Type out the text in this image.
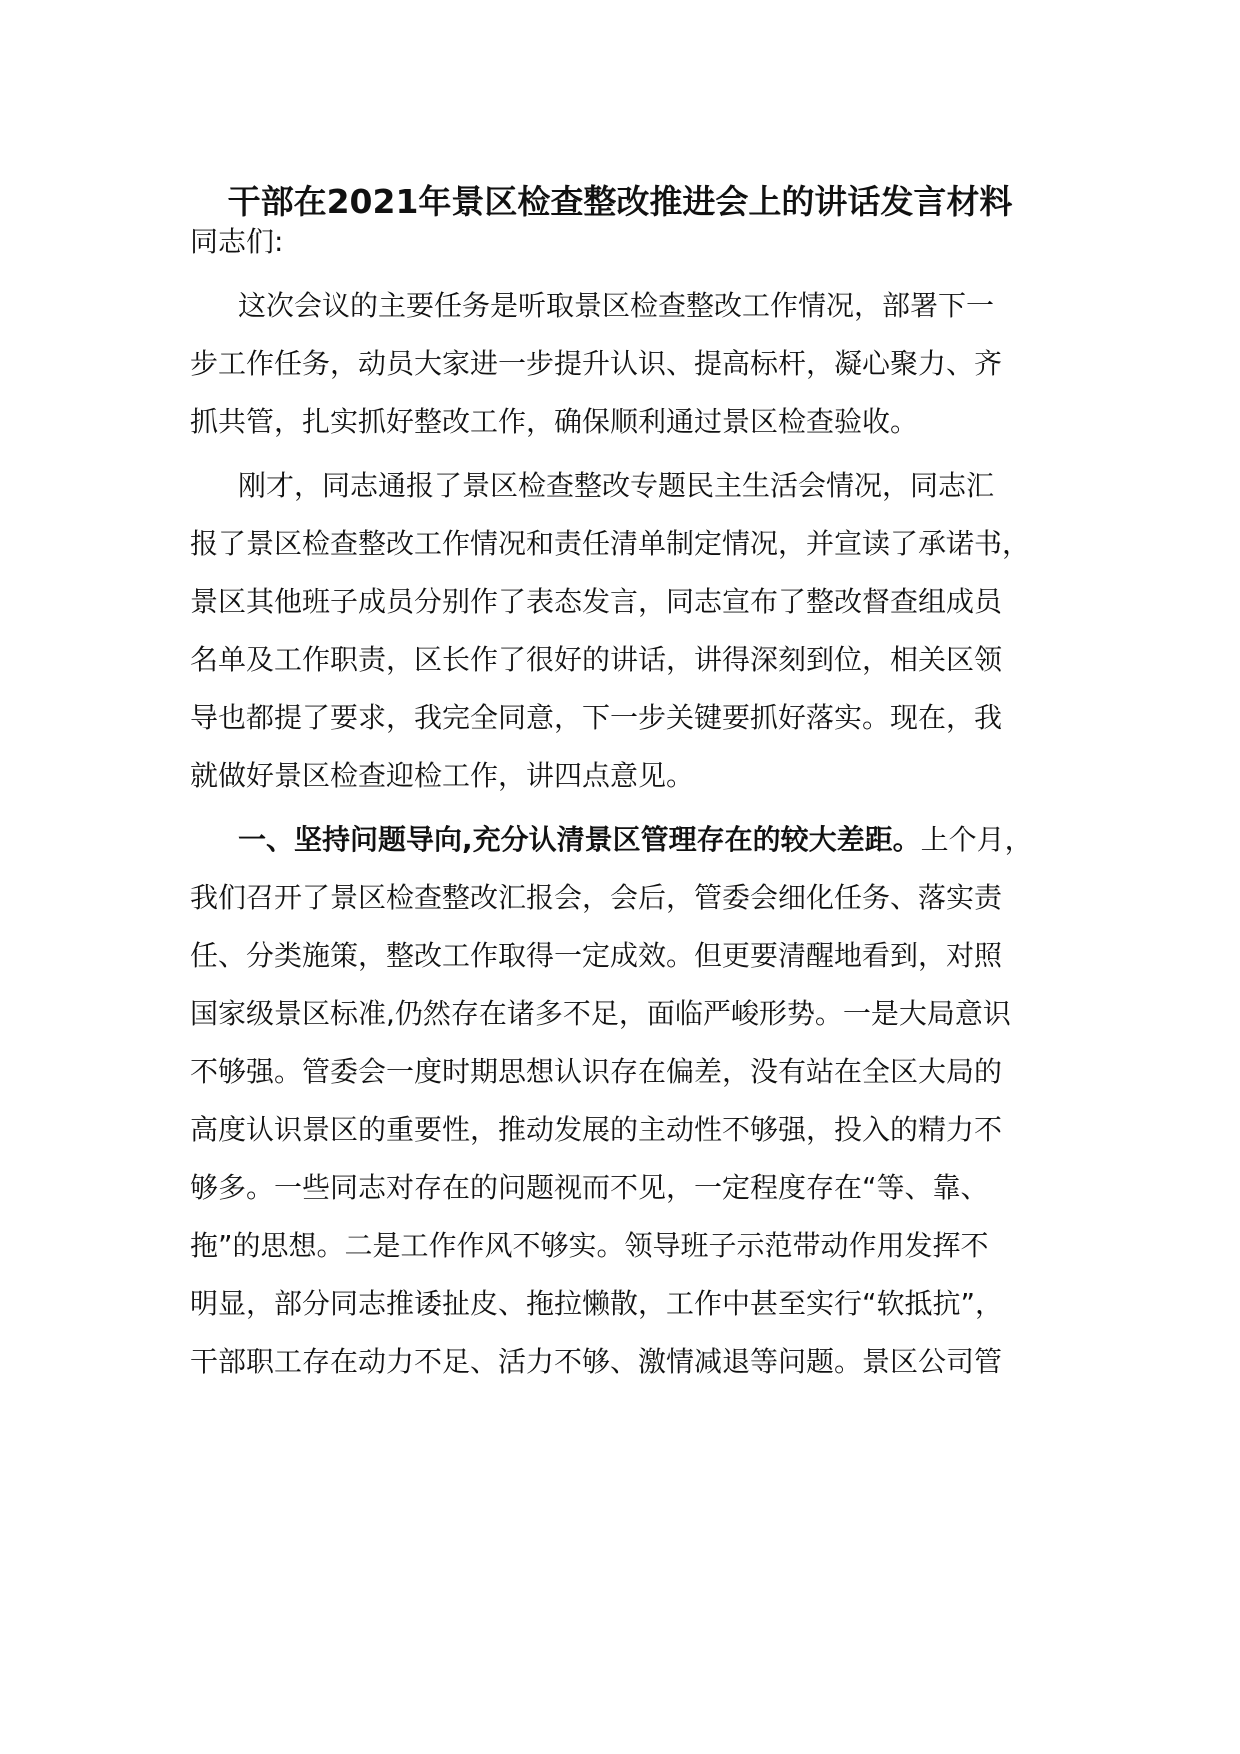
干部在2021年景区检查整改推进会上的讲话发言材料

同志们:

这次会议的主要任务是听取景区检查整改工作情况，部署下一

步工作任务，动员大家进一步提升认识、提高标杆，凝心聚力、齐

抓共管，扎实抓好整改工作，确保顺利通过景区检查验收。

刚才，同志通报了景区检查整改专题民主生活会情况，同志汇

报了景区检查整改工作情况和责任清单制定情况，并宣读了承诺书，

景区其他班子成员分别作了表态发言，同志宣布了整改督查组成员

名单及工作职责，区长作了很好的讲话，讲得深刻到位，相关区领

导也都提了要求，我完全同意，下一步关键要抓好落实。现在，我

就做好景区检查迎检工作，讲四点意见。

一、坚持问题导向,充分认清景区管理存在的较大差距。上个月，

我们召开了景区检查整改汇报会，会后，管委会细化任务、落实责

任、分类施策，整改工作取得一定成效。但更要清醒地看到，对照

国家级景区标准,仍然存在诸多不足，面临严峻形势。一是大局意识

不够强。管委会一度时期思想认识存在偏差，没有站在全区大局的

高度认识景区的重要性，推动发展的主动性不够强，投入的精力不

够多。一些同志对存在的问题视而不见，一定程度存在“等、靠、

拖”的思想。二是工作作风不够实。领导班子示范带动作用发挥不

明显，部分同志推诿扯皮、拖拉懒散，工作中甚至实行“软抵抗”，

干部职工存在动力不足、活力不够、激情减退等问题。景区公司管
